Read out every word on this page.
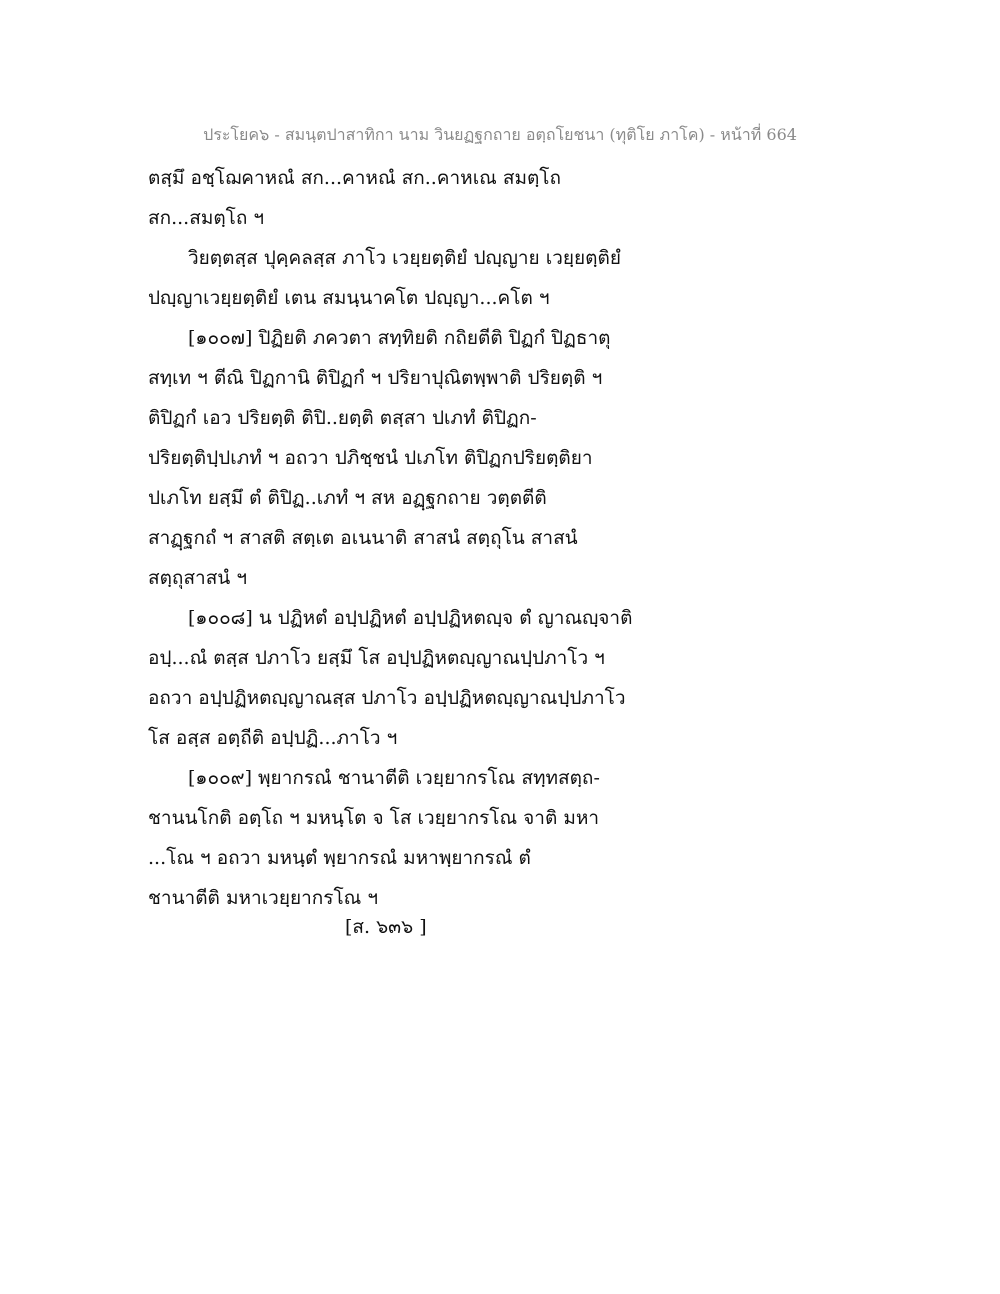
ประโยค๖ - สมนฺตปาสาทิกา นาม วินยฏฐกถาย อตฺถโยชนา (ทุติโย ภาโค) - หน้าที่ 664
ตสฺมึ อชฺโฌคาหณํ สก...คาหณํ สก..คาหเณ สมตฺโถ
สก...สมตฺโถ ฯ
วิยตฺตสฺส ปุคฺคลสฺส ภาโว เวยฺยตฺติยํ ปญฺญาย เวยฺยตฺติยํ
ปญฺญาเวยฺยตฺติยํ เตน สมนฺนาคโต ปญฺญา...คโต ฯ
[๑๐๐๗] ปิฏิยติ ภควตา สทฺทิยติ กถิยตีติ ปิฏกํ ปิฏธาตุ
สทฺเท ฯ ตีณิ ปิฏกานิ ติปิฏกํ ฯ ปริยาปุณิตพฺพาติ ปริยตฺติ ฯ
ติปิฏกํ เอว ปริยตฺติ ติปิ..ยตฺติ ตสฺสา ปเภทํ ติปิฏก-
ปริยตฺติปฺปเภทํ ฯ อถวา ปภิชฺชนํ ปเภโท ติปิฏกปริยตฺติยา
ปเภโท ยสฺมึ ตํ ติปิฏ..เภทํ ฯ สห อฏฺฐกถาย วตฺตตีติ
สาฏฺฐกถํ ฯ สาสติ สตฺเต อเนนาติ สาสนํ สตฺถุโน สาสนํ
สตฺถุสาสนํ ฯ
[๑๐๐๘] น ปฏิหตํ อปฺปฏิหตํ อปฺปฏิหตญฺจ ตํ ญาณญฺจาติ
อปฺ...ณํ ตสฺส ปภาโว ยสฺมึ โส อปฺปฏิหตญฺญาณปฺปภาโว ฯ
อถวา อปฺปฏิหตญฺญาณสฺส ปภาโว อปฺปฏิหตญฺญาณปฺปภาโว
โส อสฺส อตฺถีติ อปฺปฏิ...ภาโว ฯ
[๑๐๐๙] พฺยากรณํ ชานาตีติ เวยฺยากรโณ สทฺทสตฺถ-
ชานนโกติ อตฺโถ ฯ มหนฺโต จ โส เวยฺยากรโณ จาติ มหา
...โณ ฯ อถวา มหนฺตํ พฺยากรณํ มหาพฺยากรณํ ตํ
ชานาตีติ มหาเวยฺยากรโณ ฯ
[ส. ๖๓๖ ]
